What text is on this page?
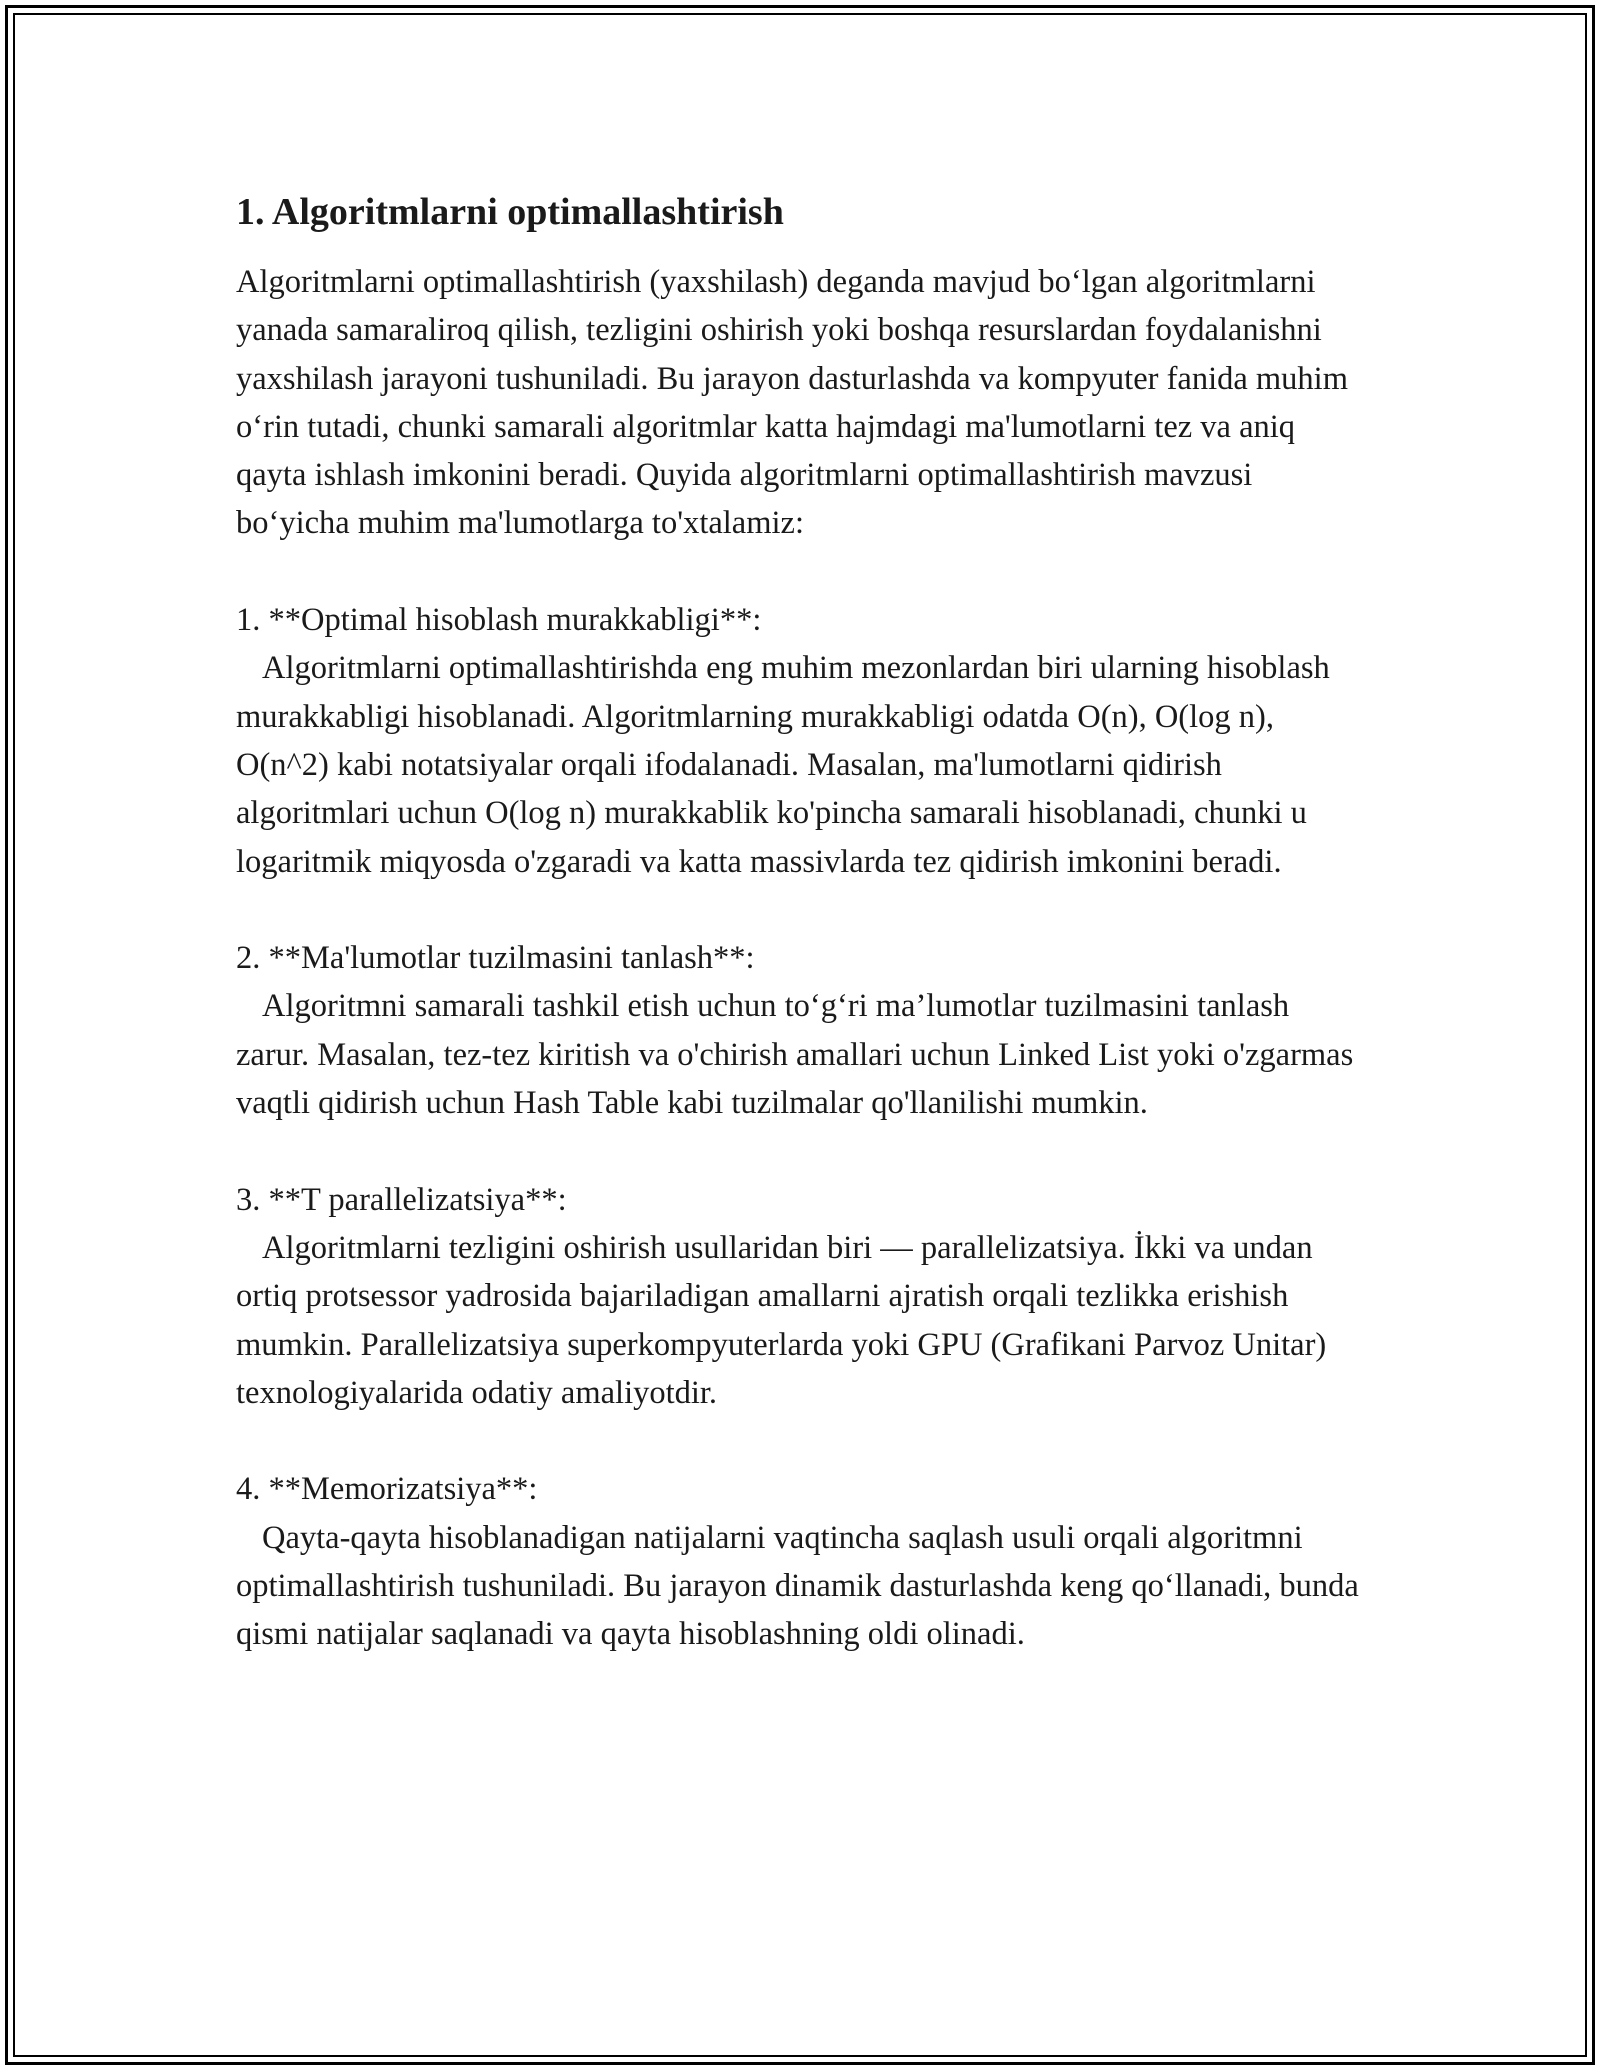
1. Algoritmlarni optimallashtirish

Algoritmlarni optimallashtirish (yaxshilash) deganda mavjud bo‘lgan algoritmlarni yanada samaraliroq qilish, tezligini oshirish yoki boshqa resurslardan foydalanishni yaxshilash jarayoni tushuniladi. Bu jarayon dasturlashda va kompyuter fanida muhim o‘rin tutadi, chunki samarali algoritmlar katta hajmdagi ma'lumotlarni tez va aniq qayta ishlash imkonini beradi. Quyida algoritmlarni optimallashtirish mavzusi bo‘yicha muhim ma'lumotlarga to'xtalamiz:

1. **Optimal hisoblash murakkabligi**:

Algoritmlarni optimallashtirishda eng muhim mezonlardan biri ularning hisoblash murakkabligi hisoblanadi. Algoritmlarning murakkabligi odatda O(n), O(log n), O(n^2) kabi notatsiyalar orqali ifodalanadi. Masalan, ma'lumotlarni qidirish algoritmlari uchun O(log n) murakkablik ko'pincha samarali hisoblanadi, chunki u logaritmik miqyosda o'zgaradi va katta massivlarda tez qidirish imkonini beradi.

2. **Ma'lumotlar tuzilmasini tanlash**:

Algoritmni samarali tashkil etish uchun to‘g‘ri ma’lumotlar tuzilmasini tanlash zarur. Masalan, tez-tez kiritish va o'chirish amallari uchun Linked List yoki o'zgarmas vaqtli qidirish uchun Hash Table kabi tuzilmalar qo'llanilishi mumkin.

3. **T parallelizatsiya**:

Algoritmlarni tezligini oshirish usullaridan biri — parallelizatsiya. İkki va undan ortiq protsessor yadrosida bajariladigan amallarni ajratish orqali tezlikka erishish mumkin. Parallelizatsiya superkompyuterlarda yoki GPU (Grafikani Parvoz Unitar) texnologiyalarida odatiy amaliyotdir.

4. **Memorizatsiya**:

Qayta-qayta hisoblanadigan natijalarni vaqtincha saqlash usuli orqali algoritmni optimallashtirish tushuniladi. Bu jarayon dinamik dasturlashda keng qo‘llanadi, bunda qismi natijalar saqlanadi va qayta hisoblashning oldi olinadi.
